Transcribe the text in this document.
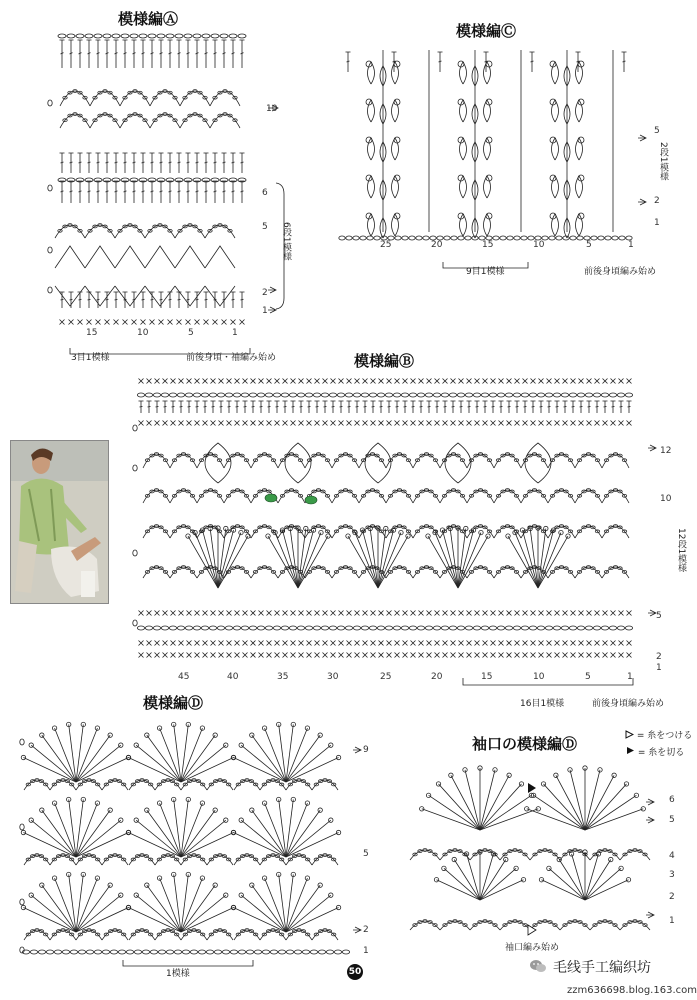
模様編Ⓐ
10
6
5
2
1
6段1模様
15	10	5	1
3目1模様	前後身頃・袖編み始め
模様編Ⓒ
5
2
1
2段1模様
25	20	15	10	5	1
9目1模様	前後身頃編み始め
模様編Ⓑ
12
10
5
2
1
12段1模様
45	40	35	30	25	20	15	10	5	1
16目1模様	前後身頃編み始め
模様編Ⓓ
9
5
2
1
1模様
袖口の模様編Ⓓ	= 糸をつける
= 糸を切る
6
5
4
3
2
1
袖口編み始め
50	毛线手工编织坊
zzm636698.blog.163.com
